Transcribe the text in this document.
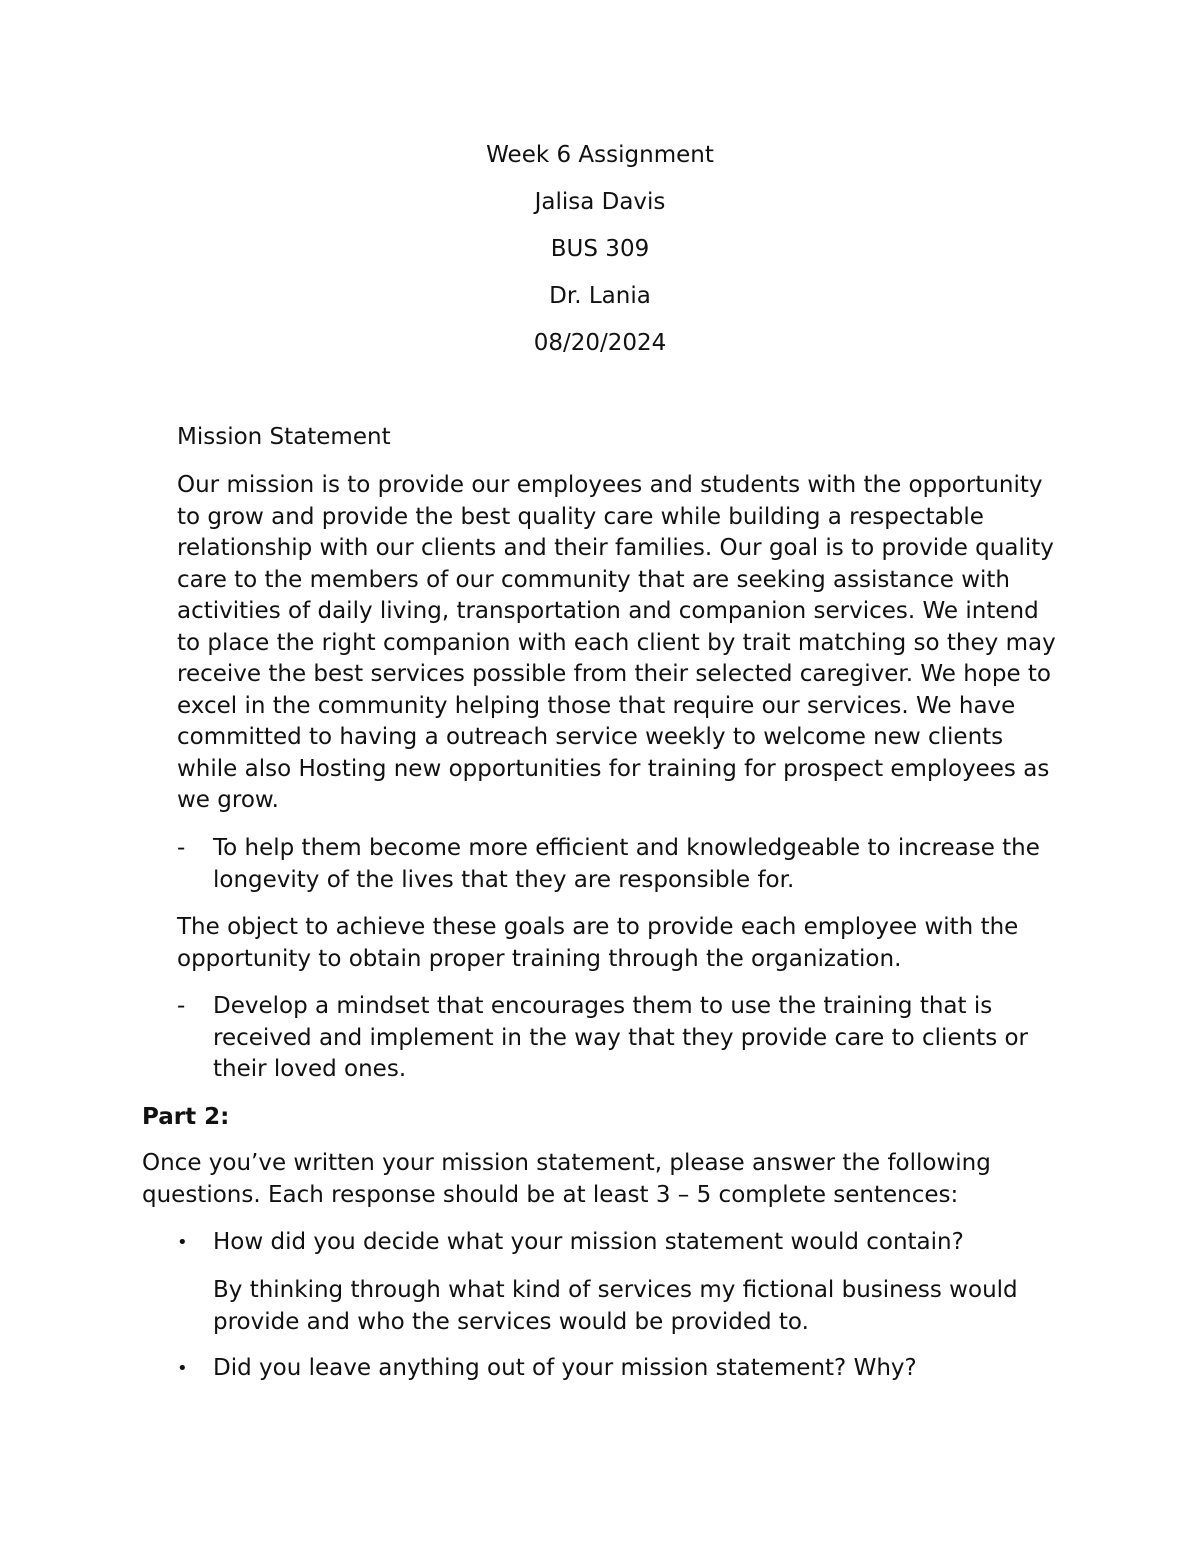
Week 6 Assignment
Jalisa Davis
BUS 309
Dr. Lania
08/20/2024
Mission Statement
Our mission is to provide our employees and students with the opportunity to grow and provide the best quality care while building a respectable relationship with our clients and their families. Our goal is to provide quality care to the members of our community that are seeking assistance with activities of daily living, transportation and companion services. We intend to place the right companion with each client by trait matching so they may receive the best services possible from their selected caregiver. We hope to excel in the community helping those that require our services. We have committed to having a outreach service weekly to welcome new clients while also Hosting new opportunities for training for prospect employees as we grow.
-	To help them become more efficient and knowledgeable to increase the longevity of the lives that they are responsible for.
The object to achieve these goals are to provide each employee with the opportunity to obtain proper training through the organization.
-	Develop a mindset that encourages them to use the training that is received and implement in the way that they provide care to clients or their loved ones.
Part 2:
Once you’ve written your mission statement, please answer the following questions. Each response should be at least 3 – 5 complete sentences:
•	How did you decide what your mission statement would contain?
By thinking through what kind of services my fictional business would provide and who the services would be provided to.
•	Did you leave anything out of your mission statement? Why?
